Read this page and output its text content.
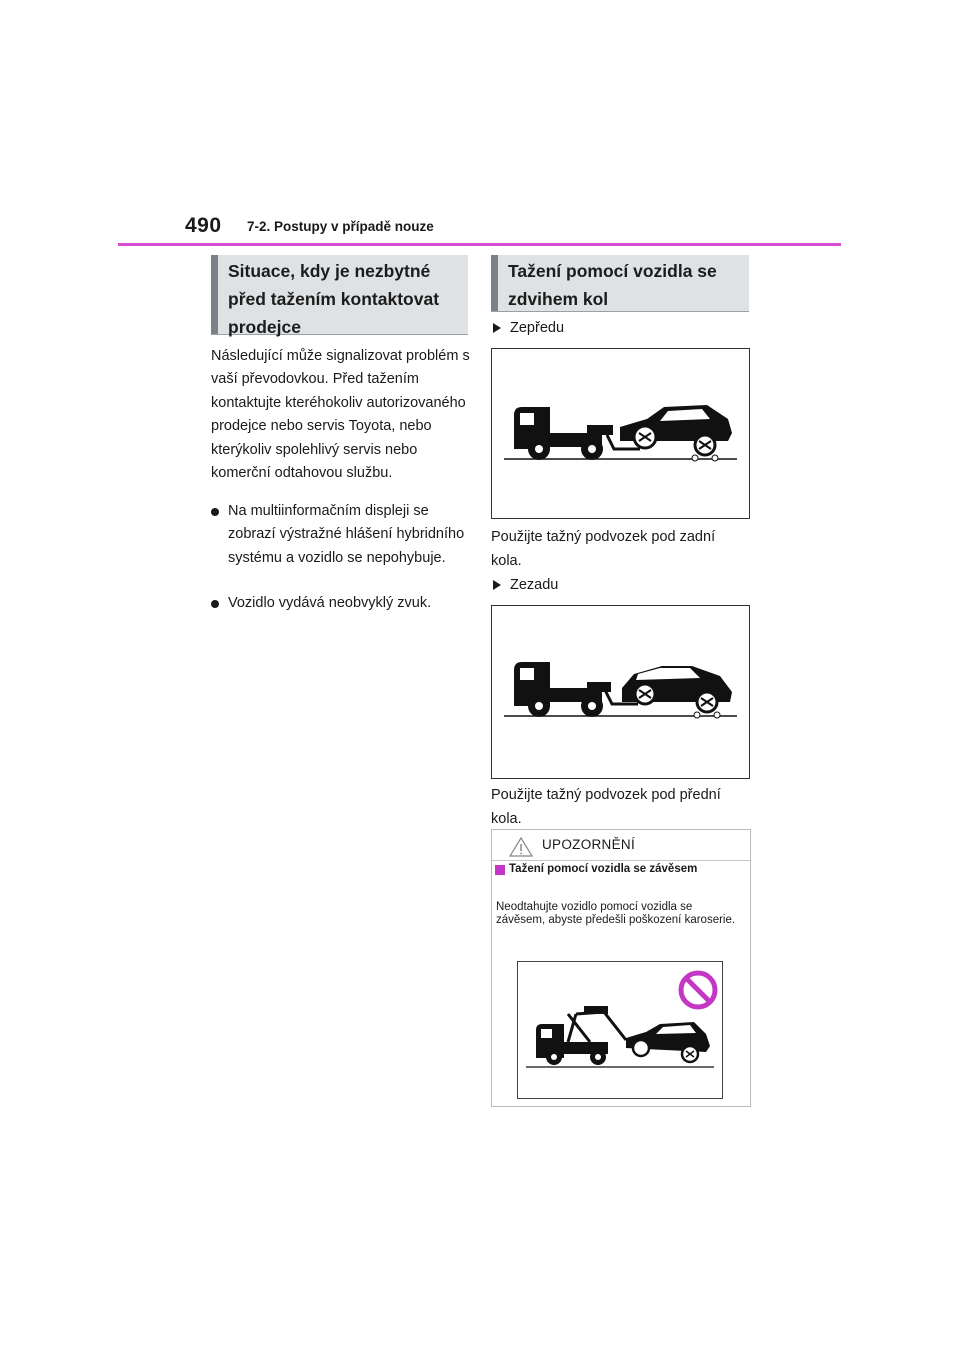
490 7-2. Postupy v případě nouze
Situace, kdy je nezbytné před tažením kontaktovat prodejce
Následující může signalizovat problém s vaší převodovkou. Před tažením kontaktujte kteréhokoliv autorizovaného prodejce nebo servis Toyota, nebo kterýkoliv spolehlivý servis nebo komerční odtahovou službu.
Na multiinformačním displeji se zobrazí výstražné hlášení hybridního systému a vozidlo se nepohybuje.
Vozidlo vydává neobvyklý zvuk.
Tažení pomocí vozidla se zdvihem kol
Zepředu
Použijte tažný podvozek pod zadní kola.
Zezadu
Použijte tažný podvozek pod přední kola.
UPOZORNĚNÍ
Tažení pomocí vozidla se závěsem
Neodtahujte vozidlo pomocí vozidla se závěsem, abyste předešli poškození karoserie.
